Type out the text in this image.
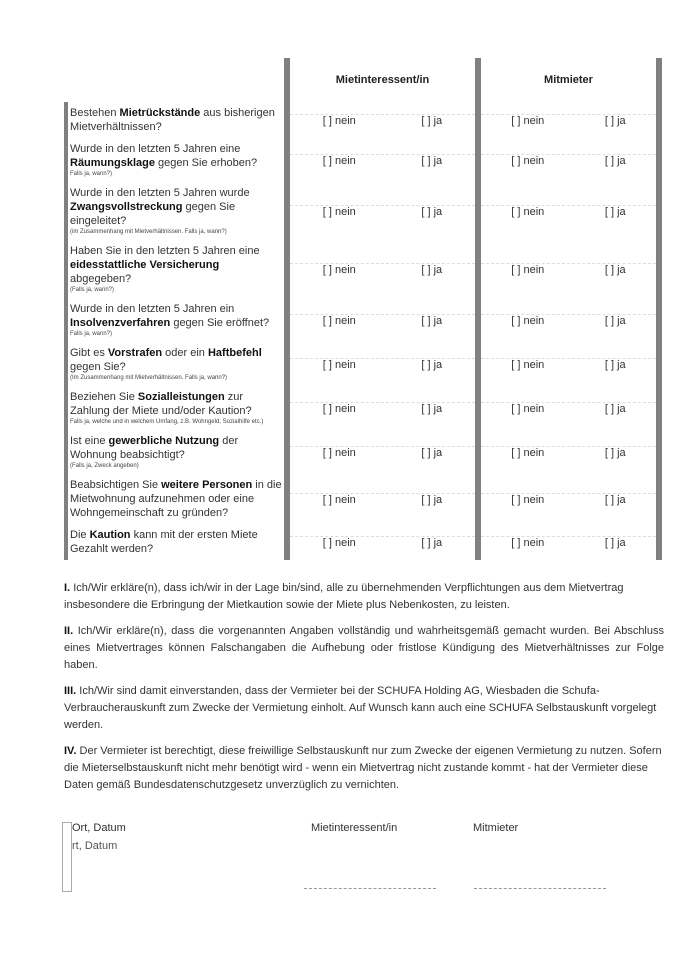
	Mietinteressent/in	Mitmieter

Bestehen Mietrückstände aus bisherigen Mietverhältnissen?	[ ] nein [ ] ja	[ ] nein [ ] ja

Wurde in den letzten 5 Jahren eine Räumungsklage gegen Sie erhoben?
Falls ja, wann?)	[ ] nein [ ] ja	[ ] nein [ ] ja

Wurde in den letzten 5 Jahren wurde Zwangsvollstreckung gegen Sie eingeleitet?
(im Zusammenhang mit Mietverhältnissen. Falls ja, wann?)	[ ] nein [ ] ja	[ ] nein [ ] ja

Haben Sie in den letzten 5 Jahren eine eidesstattliche Versicherung abgegeben?
(Falls ja, wann?)	[ ] nein [ ] ja	[ ] nein [ ] ja

Wurde in den letzten 5 Jahren ein Insolvenzverfahren gegen Sie eröffnet?
Falls ja, wann?)	[ ] nein [ ] ja	[ ] nein [ ] ja

Gibt es Vorstrafen oder ein Haftbefehl gegen Sie?
(Im Zusammenhang mit Mietverhältnissen. Falls ja, wann?)	[ ] nein [ ] ja	[ ] nein [ ] ja

Beziehen Sie Sozialleistungen zur Zahlung der Miete und/oder Kaution?
Falls ja, welche und in welchem Umfang, z.B. Wohngeld, Sozialhilfe etc.)	[ ] nein [ ] ja	[ ] nein [ ] ja

Ist eine gewerbliche Nutzung der Wohnung beabsichtigt?
(Falls ja, Zweck angeben)	[ ] nein [ ] ja	[ ] nein [ ] ja

Beabsichtigen Sie weitere Personen in die Mietwohnung aufzunehmen oder eine Wohngemeinschaft zu gründen?	[ ] nein [ ] ja	[ ] nein [ ] ja

Die Kaution kann mit der ersten Miete Gezahlt werden?	[ ] nein [ ] ja	[ ] nein [ ] ja

I. Ich/Wir erkläre(n), dass ich/wir in der Lage bin/sind, alle zu übernehmenden Verpflichtungen aus dem Mietvertrag insbesondere die Erbringung der Mietkaution sowie der Miete plus Nebenkosten, zu leisten.

II. Ich/Wir erkläre(n), dass die vorgenannten Angaben vollständig und wahrheitsgemäß gemacht wurden. Bei Abschluss eines Mietvertrages können Falschangaben die Aufhebung oder fristlose Kündigung des Mietverhältnisses zur Folge haben.

III. Ich/Wir sind damit einverstanden, dass der Vermieter bei der SCHUFA Holding AG, Wiesbaden die Schufa- Verbraucherauskunft zum Zwecke der Vermietung einholt. Auf Wunsch kann auch eine SCHUFA Selbstauskunft vorgelegt werden.

IV. Der Vermieter ist berechtigt, diese freiwillige Selbstauskunft nur zum Zwecke der eigenen Vermietung zu nutzen. Sofern die Mieterselbstauskunft nicht mehr benötigt wird - wenn ein Mietvertrag nicht zustande kommt - hat der Vermieter diese Daten gemäß Bundesdatenschutzgesetz unverzüglich zu vernichten.

Ort, Datum
rt, Datum
Mietinteressent/in	Mitmieter
